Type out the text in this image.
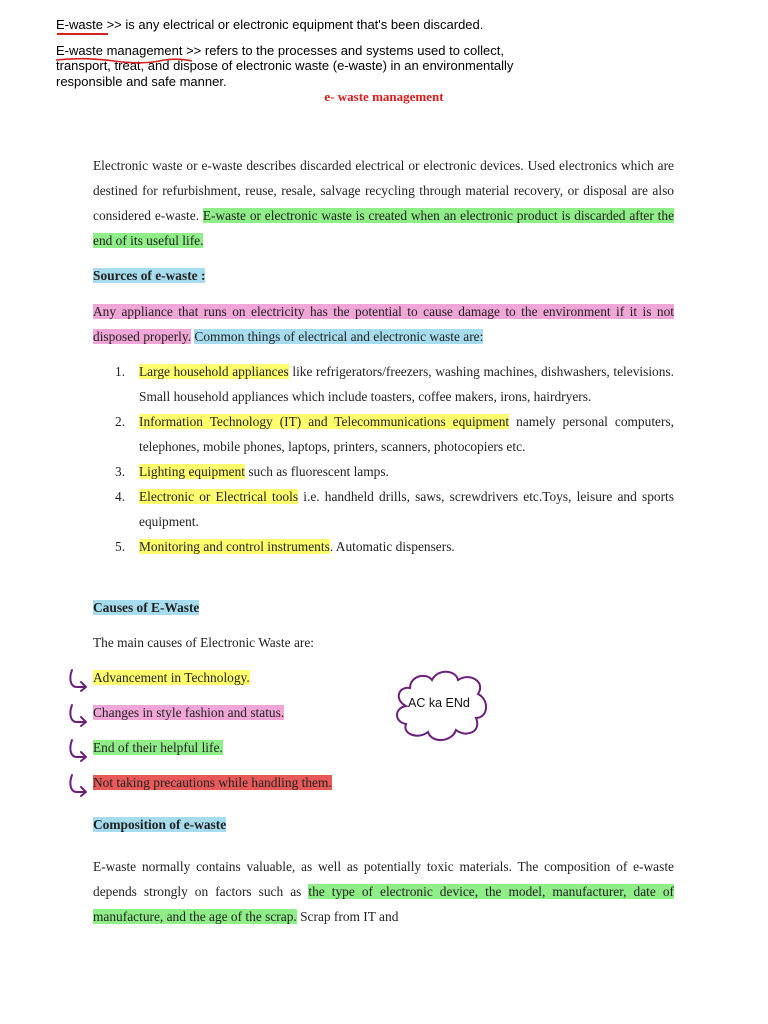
E-waste >> is any electrical or electronic equipment that's been discarded.
E-waste management >> refers to the processes and systems used to collect,
transport, treat, and dispose of electronic waste (e-waste) in an environmentally
responsible and safe manner.
e- waste management
Electronic waste or e-waste describes discarded electrical or electronic devices. Used electronics which are destined for refurbishment, reuse, resale, salvage recycling through material recovery, or disposal are also considered e-waste. E-waste or electronic waste is created when an electronic product is discarded after the end of its useful life.
Sources of e-waste :
Any appliance that runs on electricity has the potential to cause damage to the environment if it is not disposed properly. Common things of electrical and electronic waste are:
1. Large household appliances like refrigerators/freezers, washing machines, dishwashers, televisions. Small household appliances which include toasters, coffee makers, irons, hairdryers.
2. Information Technology (IT) and Telecommunications equipment namely personal computers, telephones, mobile phones, laptops, printers, scanners, photocopiers etc.
3. Lighting equipment such as fluorescent lamps.
4. Electronic or Electrical tools i.e. handheld drills, saws, screwdrivers etc.Toys, leisure and sports equipment.
5. Monitoring and control instruments. Automatic dispensers.
Causes of E-Waste
The main causes of Electronic Waste are:
Advancement in Technology.
Changes in style fashion and status.
End of their helpful life.
Not taking precautions while handling them.
AC ka ENd
Composition of e-waste
E-waste normally contains valuable, as well as potentially toxic materials. The composition of e-waste depends strongly on factors such as the type of electronic device, the model, manufacturer, date of manufacture, and the age of the scrap. Scrap from IT and
